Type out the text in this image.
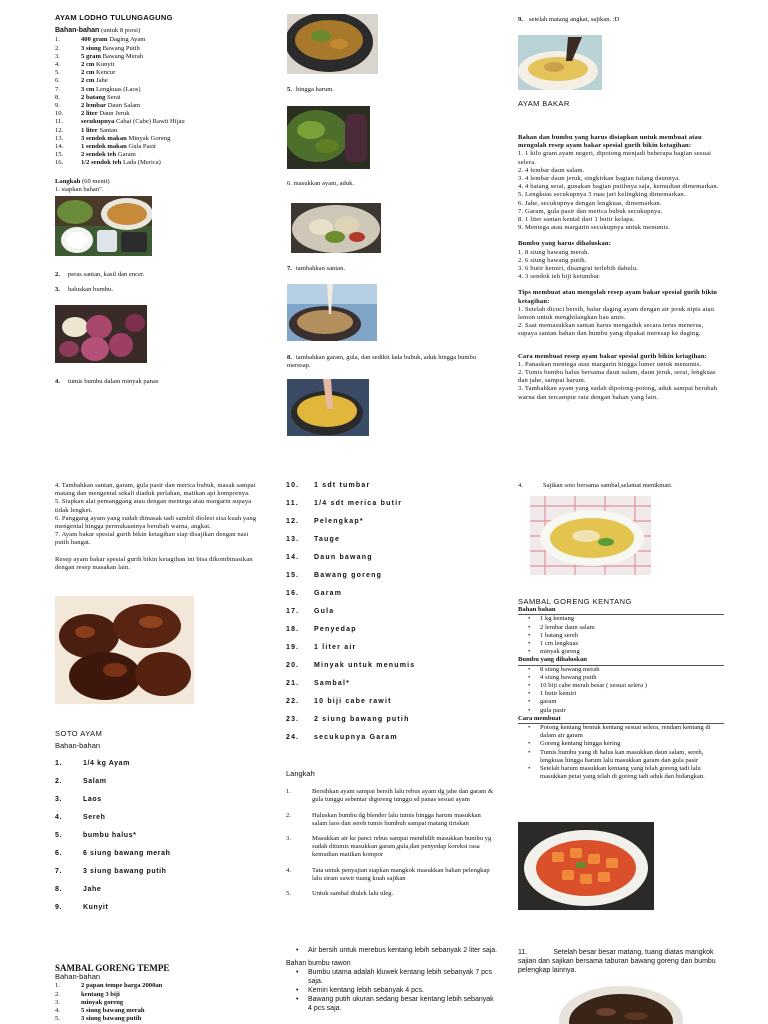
AYAM LODHO TULUNGAGUNG
Bahan-bahan (untuk 8 porsi)
1.	400 gram Daging Ayam
2.	3 siung Bawang Putih
3.	5 gram Bawang Merah
4.	2 cm Kunyit
5.	2 cm Kencur
6.	2 cm Jahe
7.	3 cm Lengkuas (Laos)
8.	2 batang Serai
9.	2 lembar Daun Salam
10.	2 liter Daun Jeruk
11.	secukupnya Cabai (Cabe) Rawit Hijau
12.	1 liter Santan
13.	3 sendok makan Minyak Goreng
14.	1 sendok makan Gula Pasir
15.	2 sendok teh Garam
16.	1/2 sendok teh Lada (Merica)
Langkah (60 menit)
1. siapkan bahan".
2. peras santan, kasil dan encer.
3. haluskan bumbu.
4. tumis bumbu dalam minyak panas
5. hingga harum.
6. masukkan ayam, aduk.
7. tambahkan santan.
8. tambahkan garam, gula, dan sedikit lada bubuk, aduk hingga bumbu meresap.
9. setelah matang angkat, sajikan. :D
AYAM BAKAR
Bahan dan bumbu yang harus disiapkan untuk membuat atau mengolah resep ayam bakar spesial gurih bikin ketagihan:
1. 1 kilo gram ayam negeri, dipotong menjadi beberapa bagian sesuai selera.
2. 4 lembar daun salam.
3. 4 lembar daun jeruk, singkirkan bagian tulang daunnya.
4. 4 batang serai, gunakan bagian putihnya saja, kemudian dimemarkan.
5. Lengkuas secukupnya 3 ruas jari kelingking dimemarkan.
6. Jahe, secukupnya dengan lengkuas, dimemarkan.
7. Garam, gula pasir dan merica bubuk secukupnya.
8. 1 liter santan kental dari 1 butir kelapa.
9. Mentega atau margarin secukupnya untuk menumis.
Bumbu yang harus dihaluskan:
1. 8 siung bawang merah.
2. 6 siung bawang putih.
3. 6 butir kemiri, disangrai terlebih dahulu.
4. 3 sendok teh biji ketumbar.
Tips membuat atau mengolah resep ayam bakar spesial gurih bikin ketagihan:
1. Setelah dicuci bersih, balur daging ayam dengan air jeruk nipis atau lemon untuk menghilangkan bau amis.
2. Saat memasukkan santan harus mengaduk secara terus menerus, supaya santan bahan dan bumbu yang dipakai meresap ke daging.
Cara membuat resep ayam bakar spesial gurih bikin ketagihan:
1. Panaskan mentega atau margarin hingga lumer untuk menumis.
2. Tumis bumbu halus bersama daun salam, daun jeruk, serai, lengkuas dan jahe, sampai harum.
3. Tambahkan ayam yang sudah dipotong-potong, aduk sampai berubah warna dan tercampur rata dengan bahan yang lain.
4. Tambahkan santan, garam, gula pasir dan merica bubuk, masak sampai matang dan mengental sekali diaduk perlahan, matikan api kompornya.
5. Siapkan alat pemanggang atau dengan mentega atau margarin supaya tidak lengket.
6. Panggang ayam yang sudah dimasak tadi sambil diolesi sisa kuah yang mengental hingga permukaannya berubah warna, angkat.
7. Ayam bakar spesial gurih bikin ketagihan siap disajikan dengan nasi putih hangat.
Resep ayam bakar spesial gurih bikin ketagihan ini bisa dikombinasikan dengan resep masakan lain.
SOTO AYAM
Bahan-bahan
1.	1/4 kg Ayam
2.	Salam
3.	Laos
4.	Sereh
5.	bumbu halus*
6.	6 siung bawang merah
7.	3 siung bawang putih
8.	Jahe
9.	Kunyit
SAMBAL GORENG TEMPE
Bahan-bahan
1.	2 papan tempe harga 2000an
2.	kentang 3 biji
3.	minyak goreng
4.	5 siung bawang merah
5.	3 siung bawang putih
10.	1 sdt tumbar
11.	1/4 sdt merica butir
12.	Pelengkap*
13.	Tauge
14.	Daun bawang
15.	Bawang goreng
16.	Garam
17.	Gula
18.	Penyedap
19.	1 liter air
20.	Minyak untuk menumis
21.	Sambal*
22.	10 biji cabe rawit
23.	2 siung bawang putih
24.	secukupnya Garam
Langkah
1.	Bersihkan ayam sampai bersih lalu rebus ayam dg jahe dan garam & gula tunggu sebentar digoreng tunggu sd panas sesuai ayam
2.	Haluskan bumbu dg blender lalu tumis hingga harum masukkan salam laos dan sereh tumis bumbuh sampai matang tiriskan
3.	Masukkan air ke panci rebus sampai mendidih masukkan bumbu yg sudah ditumis masukkan garam,gula,dan penyedap koreksi rasa kemudian matikan kompor
4.	Tata untuk penyajian siapkan mangkok masukkan bahan pelengkap lalu siram suwir tuang kuah sajikan
5.	Untuk sambal diulek lalu uleg.
• Air bersih untuk merebus kentang lebih sebanyak 2 liter saja.
Bahan bumbu rawon
• Bumbu utama adalah kluwek kentang lebih sebanyak 7 pcs saja.
• Kemiri kentang lebih sebanyak 4 pcs.
• Bawang putih ukuran sedang besar kentang lebih sebanyak 4 pcs saja.
4.	Sajikan soto bersama sambal,selamat menikmati.
SAMBAL GORENG KENTANG
Bahan bahan
• 1 kg kentang
• 2 lembar daun salam
• 1 batang sereh
• 1 cm lengkuas
• minyak goreng
Bumbu yang dihaluskan
• 8 siung bawang merah
• 4 siung bawang putih
• 10 biji cabe merah besar ( sesuai selera )
• 1 butir kemiri
• garam
• gula pasir
Cara membuat
• Potong kentang bentuk kentang sesuai selera, rendam kentang di dalam air garam
• Goreng kentang hingga kering
• Tumis bumbu yang di halus kan masukkan daun salam, sereh, lengkuas hingga harum lalu masukkan garam dan gula pasir
• Setelah harum masukkan kentang yang telah goreng tadi lalu masukkan petai yang telah di goreng tadi aduk dan hidangkan.
11.	Setelah besar besar matang, tuang diatas mangkok sajian dan sajikan bersama taburan bawang goreng dan bumbu pelengkap lainnya.
